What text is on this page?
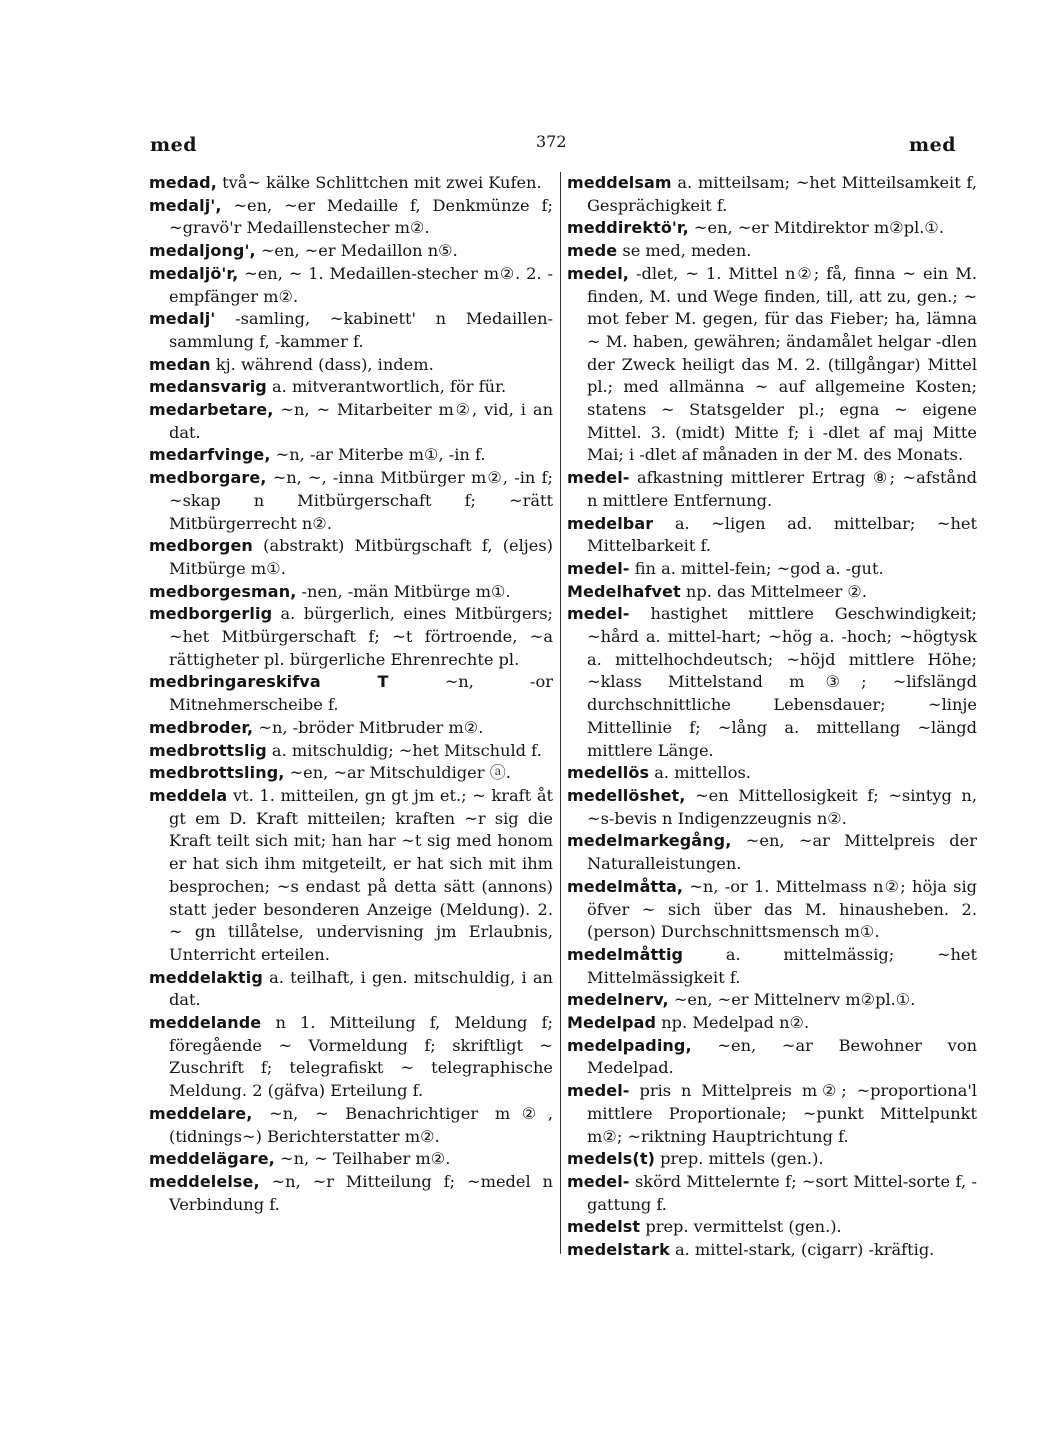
med	372	med
medad, två~ kälke Schlittchen mit zwei Kufen.
medalj', ~en, ~er Medaille f, Denkmünze f; ~gravö'r Medaillenstecher m②.
medaljong', ~en, ~er Medaillon n⑤.
medaljö'r, ~en, ~ 1. Medaillen-stecher m②. 2. -empfänger m②.
medalj' -samling, ~kabinett' n Medaillen-sammlung f, -kammer f.
medan kj. während (dass), indem.
medansvarig a. mitverantwortlich, för für.
medarbetare, ~n, ~ Mitarbeiter m②, vid, i an dat.
medarfvinge, ~n, -ar Miterbe m①, -in f.
medborgare, ~n, ~, -inna Mitbürger m②, -in f; ~skap n Mitbürgerschaft f; ~rätt Mitbürgerrecht n②.
medborgen (abstrakt) Mitbürgschaft f, (eljes) Mitbürge m①.
medborgesman, -nen, -män Mitbürge m①.
medborgerlig a. bürgerlich, eines Mitbürgers; ~het Mitbürgerschaft f; ~t förtroende, ~a rättigheter pl. bürgerliche Ehrenrechte pl.
medbringareskifva T	~n, -or Mitnehmerscheibe f.
medbroder, ~n, -bröder Mitbruder m②.
medbrottslig a. mitschuldig; ~het Mitschuld f.
medbrottsling, ~en, ~ar Mitschuldiger ⓐ.
meddela vt. 1. mitteilen, gn gt jm et.; ~ kraft åt gt em D. Kraft mitteilen; kraften ~r sig die Kraft teilt sich mit; han har ~t sig med honom er hat sich ihm mitgeteilt, er hat sich mit ihm besprochen; ~s endast på detta sätt (annons) statt jeder besonderen Anzeige (Meldung). 2. ~ gn tillåtelse, undervisning jm Erlaubnis, Unterricht erteilen.
meddelaktig a. teilhaft, i gen. mitschuldig, i an dat.
meddelande n 1. Mitteilung f, Meldung f; föregående ~ Vormeldung f; skriftligt ~ Zuschrift f; telegrafiskt ~ telegraphische Meldung. 2 (gäfva) Erteilung f.
meddelare, ~n, ~ Benachrichtiger m②, (tidnings~) Berichterstatter m②.
meddelägare, ~n, ~ Teilhaber m②.
meddelelse, ~n, ~r Mitteilung f; ~medel n Verbindung f.
meddelsam a. mitteilsam; ~het Mitteilsamkeit f, Gesprächigkeit f.
meddirektö'r, ~en, ~er Mitdirektor m②pl.①.
mede se med, meden.
medel, -dlet, ~ 1. Mittel n②; få, finna ~ ein M. finden, M. und Wege finden, till, att zu, gen.; ~ mot feber M. gegen, für das Fieber; ha, lämna ~ M. haben, gewähren; ändamålet helgar -dlen der Zweck heiligt das M. 2. (tillgångar) Mittel pl.; med allmänna ~ auf allgemeine Kosten; statens ~ Statsgelder pl.; egna ~ eigene Mittel. 3. (midt) Mitte f; i -dlet af maj Mitte Mai; i -dlet af månaden in der M. des Monats.
medel- afkastning mittlerer Ertrag ⑧; ~afstånd n mittlere Entfernung.
medelbar a. ~ligen ad. mittelbar; ~het Mittelbarkeit f.
medel- fin a. mittel-fein; ~god a. -gut.
Medelhafvet np. das Mittelmeer ②.
medel- hastighet mittlere Geschwindigkeit; ~hård a. mittel-hart; ~hög a. -hoch; ~högtysk a. mittelhochdeutsch; ~höjd mittlere Höhe; ~klass Mittelstand m③; ~lifslängd durchschnittliche Lebensdauer; ~linje Mittellinie f; ~lång a. mittellang ~längd mittlere Länge.
medellös a. mittellos.
medellöshet, ~en Mittellosigkeit f; ~sintyg n, ~s-bevis n Indigenzzeugnis n②.
medelmarkegång, ~en, ~ar Mittelpreis der Naturalleistungen.
medelmåtta, ~n, -or 1. Mittelmass n②; höja sig öfver ~ sich über das M. hinausheben. 2. (person) Durchschnittsmensch m①.
medelmåttig	a. mittelmässig; ~het Mittelmässigkeit f.
medelnerv, ~en, ~er Mittelnerv m②pl.①.
Medelpad np. Medelpad n②.
medelpading, ~en, ~ar Bewohner von Medelpad.
medel- pris n Mittelpreis m②; ~proportiona'l mittlere Proportionale; ~punkt Mittelpunkt m②; ~riktning Hauptrichtung f.
medels(t) prep. mittels (gen.).
medel- skörd Mittelernte f; ~sort Mittel-sorte f, -gattung f.
medelst prep. vermittelst (gen.).
medelstark a. mittel-stark, (cigarr) -kräftig.
